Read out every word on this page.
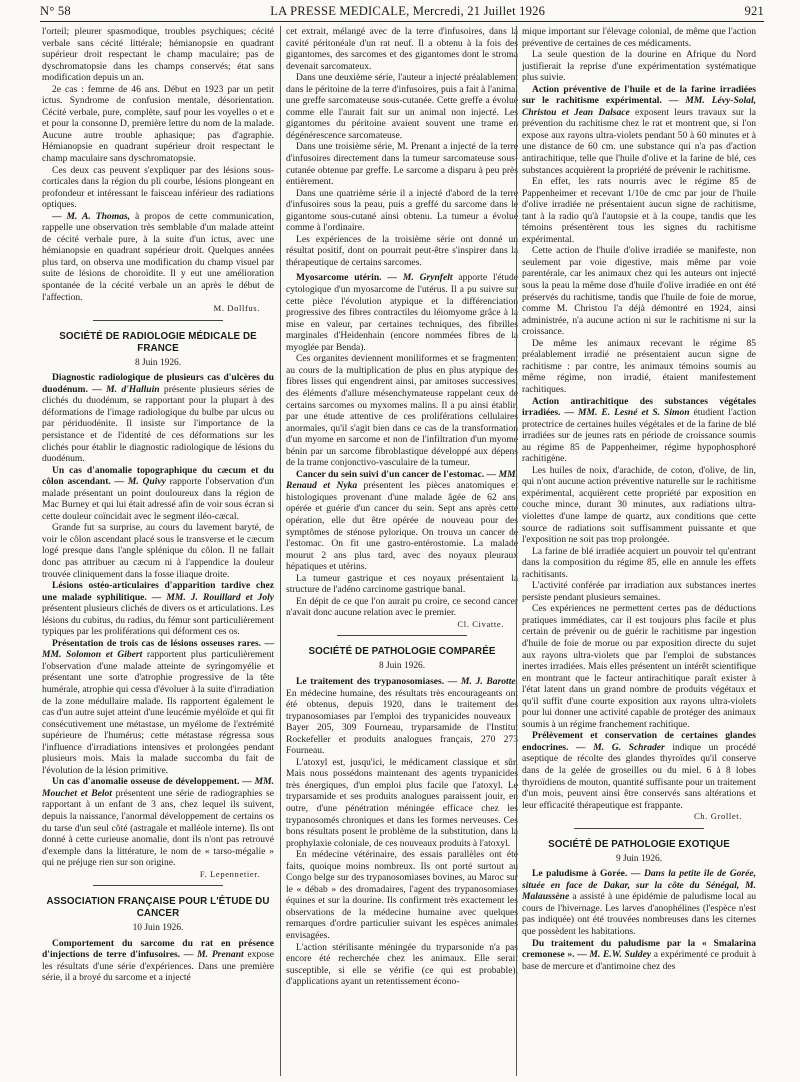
N° 58	LA PRESSE MEDICALE, Mercredi, 21 Juillet 1926	921

l'orteil; pleurer spasmodique, troubles psychiques; cécité verbale sans cécité littérale; hémianopsie en quadrant supérieur droit respectant le champ maculaire; pas de dyschromatopsie dans les champs conservés; état sans modification depuis un an.

2e cas : femme de 46 ans. Début en 1923 par un petit ictus. Syndrome de confusion mentale, désorientation. Cécité verbale, pure, complète, sauf pour les voyelles o et e et pour la consonne D, première lettre du nom de la malade. Aucune autre trouble aphasique; pas d'agraphie. Hémianopsie en quadrant supérieur droit respectant le champ maculaire sans dyschromatopsie.

Ces deux cas peuvent s'expliquer par des lésions sous-corticales dans la région du pli courbe, lésions plongeant en profondeur et intéressant le faisceau inférieur des radiations optiques.

— M. A. Thomas, à propos de cette communication, rappelle une observation très semblable d'un malade atteint de cécité verbale pure, à la suite d'un ictus, avec une hémianopsie en quadrant supérieur droit. Quelques années plus tard, on observa une modification du champ visuel par suite de lésions de choroïdite. Il y eut une amélioration spontanée de la cécité verbale un an après le début de l'affection.

M. Dollfus.
SOCIÉTÉ DE RADIOLOGIE MÉDICALE DE FRANCE
8 Juin 1926.

Diagnostic radiologique de plusieurs cas d'ulcères du duodénum. — M. d'Halluin présente plusieurs séries de clichés du duodénum, se rapportant pour la plupart à des déformations de l'image radiologique du bulbe par ulcus ou par périduodénite. Il insiste sur l'importance de la persistance et de l'identité de ces déformations sur les clichés pour établir le diagnostic radiologique de lésions du duodénum.

Un cas d'anomalie topographique du cæcum et du côlon ascendant. — M. Quivy rapporte l'observation d'un malade présentant un point douloureux dans la région de Mac Burney et qui lui était adressé afin de voir sous écran si cette douleur coïncidait avec le segment iléo-cæcal.

Grande fut sa surprise, au cours du lavement baryté, de voir le côlon ascendant placé sous le transverse et le cæcum logé presque dans l'angle splénique du côlon. Il ne fallait donc pas attribuer au cæcum ni à l'appendice la douleur trouvée cliniquement dans la fosse iliaque droite.

Lésions ostéo-articulaires d'apparition tardive chez une malade syphilitique. — MM. J. Rouillard et Joly présentent plusieurs clichés de divers os et articulations. Les lésions du cubitus, du radius, du fémur sont particulièrement typiques par les proliférations qui déforment ces os.

Présentation de trois cas de lésions osseuses rares. — MM. Solomon et Gibert rapportent plus particulièrement l'observation d'une malade atteinte de syringomyélie et présentant une sorte d'atrophie progressive de la tête humérale, atrophie qui cessa d'évoluer à la suite d'irradiation de la zone médullaire malade. Ils rapportent également le cas d'un autre sujet atteint d'une leucémie myéloïde et qui fit consécutivement une métastase, un myélome de l'extrémité supérieure de l'humérus; cette métastase régressa sous l'influence d'irradiations intensives et prolongées pendant plusieurs mois. Mais la malade succomba du fait de l'évolution de la lésion primitive.

Un cas d'anomalie osseuse de développement. — MM. Mouchet et Belot présentent une série de radiographies se rapportant à un enfant de 3 ans, chez lequel ils suivent, depuis la naissance, l'anormal développement de certains os du tarse d'un seul côté (astragale et malléole interne). Ils ont donné à cette curieuse anomalie, dont ils n'ont pas retrouvé d'exemple dans la littérature, le nom de « tarso-mégalie » qui ne préjuge rien sur son origine.

F. Lepennetier.
ASSOCIATION FRANÇAISE POUR L'ÉTUDE DU CANCER
10 Juin 1926.

Comportement du sarcome du rat en présence d'injections de terre d'infusoires. — M. Prenant expose les résultats d'une série d'expériences. Dans une première série, il a broyé du sarcome et a injecté

cet extrait, mélangé avec de la terre d'infusoires, dans la cavité péritonéale d'un rat neuf. Il a obtenu à la fois des gigantomes, des sarcomes et des gigantomes dont le stroma devenait sarcomateux.

Dans une deuxième série, l'auteur a injecté préalablement dans le péritoine de la terre d'infusoires, puis a fait à l'animal une greffe sarcomateuse sous-cutanée. Cette greffe a évolué comme elle l'aurait fait sur un animal non injecté. Les gigantomes du péritoine avaient souvent une trame en dégénérescence sarcomateuse.

Dans une troisième série, M. Prenant a injecté de la terre d'infusoires directement dans la tumeur sarcomateuse sous-cutanée obtenue par greffe. Le sarcome a disparu à peu près entièrement.

Dans une quatrième série il a injecté d'abord de la terre d'infusoires sous la peau, puis a greffé du sarcome dans le gigantome sous-cutané ainsi obtenu. La tumeur a évolué comme à l'ordinaire.

Les expériences de la troisième série ont donné un résultat positif, dont on pourrait peut-être s'inspirer dans la thérapeutique de certains sarcomes.

Myosarcome utérin. — M. Grynfelt apporte l'étude cytologique d'un myosarcome de l'utérus. Il a pu suivre sur cette pièce l'évolution atypique et la différenciation progressive des fibres contractiles du léiomyome grâce à la mise en valeur, par certaines techniques, des fibrilles marginales d'Heidenhain (encore nommées fibres de la myoglée par Benda).

Ces organites deviennent moniliformes et se fragmentent au cours de la multiplication de plus en plus atypique des fibres lisses qui engendrent ainsi, par amitoses successives, des éléments d'allure mésenchymateuse rappelant ceux de certains sarcomes ou myxomes malins. Il a pu ainsi établir, par une étude attentive de ces proliférations cellulaires anormales, qu'il s'agit bien dans ce cas de la transformation d'un myome en sarcome et non de l'infiltration d'un myome bénin par un sarcome fibroblastique développé aux dépens de la trame conjonctivo-vasculaire de la tumeur.

Cancer du sein suivi d'un cancer de l'estomac. — MM. Renaud et Nyka présentent les pièces anatomiques et histologiques provenant d'une malade âgée de 62 ans, opérée et guérie d'un cancer du sein. Sept ans après cette opération, elle dut être opérée de nouveau pour des symptômes de sténose pylorique. On trouva un cancer de l'estomac. On fit une gastro-entérostomie. La malade mourut 2 ans plus tard, avec des noyaux pleuraux hépatiques et utérins.

La tumeur gastrique et ces noyaux présentaient la structure de l'adéno carcinome gastrique banal.

En dépit de ce que l'on aurait pu croire, ce second cancer n'avait donc aucune relation avec le premier.

Cl. Civatte.
SOCIÉTÉ DE PATHOLOGIE COMPARÉE
8 Juin 1926.

Le traitement des trypanosomiases. — M. J. Barotte. En médecine humaine, des résultats très encourageants ont été obtenus, depuis 1920, dans le traitement des trypanosomiases par l'emploi des trypanicides nouveaux : Bayer 205, 309 Fourneau, tryparsamide de l'Institut Rockefeller et produits analogues français, 270 273 Fourneau.

L'atoxyl est, jusqu'ici, le médicament classique et sûr. Mais nous possédons maintenant des agents trypanicides très énergiques, d'un emploi plus facile que l'atoxyl. Le tryparsamide et ses produits analogues paraissent jouir, en outre, d'une pénétration méningée efficace chez les trypanosomés chroniques et dans les formes nerveuses. Ces bons résultats posent le problème de la substitution, dans la prophylaxie coloniale, de ces nouveaux produits à l'atoxyl.

En médecine vétérinaire, des essais parallèles ont été faits, quoique moins nombreux. Ils ont porté surtout au Congo belge sur des trypanosomiases bovines, au Maroc sur le « débab » des dromadaires, l'agent des trypanosomiases équines et sur la dourine. Ils confirment très exactement les observations de la médecine humaine avec quelques remarques d'ordre particulier suivant les espèces animales envisagées.

L'action stérilisante méningée du tryparsonide n'a pas encore été recherchée chez les animaux. Elle serait susceptible, si elle se vérifie (ce qui est probable), d'applications ayant un retentissement écono-

mique important sur l'élevage colonial, de même que l'action préventive de certaines de ces médicaments.

La seule question de la dourine en Afrique du Nord justifierait la reprise d'une expérimentation systématique plus suivie.

Action préventive de l'huile et de la farine irradiées sur le rachitisme expérimental. — MM. Lévy-Solal, Christou et Jean Dalsace exposent leurs travaux sur la prévention du rachitisme chez le rat et montrent que, si l'on expose aux rayons ultra-violets pendant 50 à 60 minutes et à une distance de 60 cm. une substance qui n'a pas d'action antirachitique, telle que l'huile d'olive et la farine de blé, ces substances acquièrent la propriété de prévenir le rachitisme.

En effet, les rats nourris avec le régime 85 de Pappenheimer et recevant 1/10e de cmc par jour de l'huile d'olive irradiée ne présentaient aucun signe de rachitisme, tant à la radio qu'à l'autopsie et à la coupe, tandis que les témoins présentèrent tous les signes du rachitisme expérimental.

Cette action de l'huile d'olive irradiée se manifeste, non seulement par voie digestive, mais même par voie parentérale, car les animaux chez qui les auteurs ont injecté sous la peau la même dose d'huile d'olive irradiée en ont été préservés du rachitisme, tandis que l'huile de foie de morue, comme M. Christou l'a déjà démontré en 1924, ainsi administrée, n'a aucune action ni sur le rachitisme ni sur la croissance.

De même les animaux recevant le régime 85 préalablement irradié ne présentaient aucun signe de rachitisme : par contre, les animaux témoins soumis au même régime, non irradié, étaient manifestement rachitiques.

Action antirachitique des substances végétales irradiées. — MM. E. Lesné et S. Simon étudient l'action protectrice de certaines huiles végétales et de la farine de blé irradiées sur de jeunes rats en période de croissance soumis au régime 85 de Pappenheimer, régime hypophosphoré rachitigène.

Les huiles de noix, d'arachide, de coton, d'olive, de lin, qui n'ont aucune action préventive naturelle sur le rachitisme expérimental, acquièrent cette propriété par exposition en couche mince, durant 30 minutes, aux radiations ultra-violettes d'une lampe de quartz, aux conditions que cette source de radiations soit suffisamment puissante et que l'exposition ne soit pas trop prolongée.

La farine de blé irradiée acquiert un pouvoir tel qu'entrant dans la composition du régime 85, elle en annule les effets rachitisants.

L'activité conférée par irradiation aux substances inertes persiste pendant plusieurs semaines.

Ces expériences ne permettent certes pas de déductions pratiques immédiates, car il est toujours plus facile et plus certain de prévenir ou de guérir le rachitisme par ingestion d'huile de foie de morue ou par exposition directe du sujet aux rayons ultra-violets que par l'emploi de substances inertes irradiées. Mais elles présentent un intérêt scientifique en montrant que le facteur antirachitique paraît exister à l'état latent dans un grand nombre de produits végétaux et qu'il suffit d'une courte exposition aux rayons ultra-violets pour lui donner une activité capable de protéger des animaux soumis à un régime franchement rachitique.

Prélèvement et conservation de certaines glandes endocrines. — M. G. Schrader indique un procédé aseptique de récolte des glandes thyroïdes qu'il conserve dans de la gelée de groseilles ou du miel. 6 à 8 lobes thyroïdiens de mouton, quantité suffisante pour un traitement d'un mois, peuvent ainsi être conservés sans altérations et leur efficacité thérapeutique est frappante.

Ch. Grollet.
SOCIÉTÉ DE PATHOLOGIE EXOTIQUE
9 Juin 1926.

Le paludisme à Gorée. — Dans la petite île de Gorée, située en face de Dakar, sur la côte du Sénégal, M. Malaussène a assisté à une épidémie de paludisme local au cours de l'hivernage. Les larves d'anophélines (l'espèce n'est pas indiquée) ont été trouvées nombreuses dans les citernes que possèdent les habitations.

Du traitement du paludisme par la « Smalarina cremonese ». — M. E.W. Suldey a expérimenté ce produit à base de mercure et d'antimoine chez des
